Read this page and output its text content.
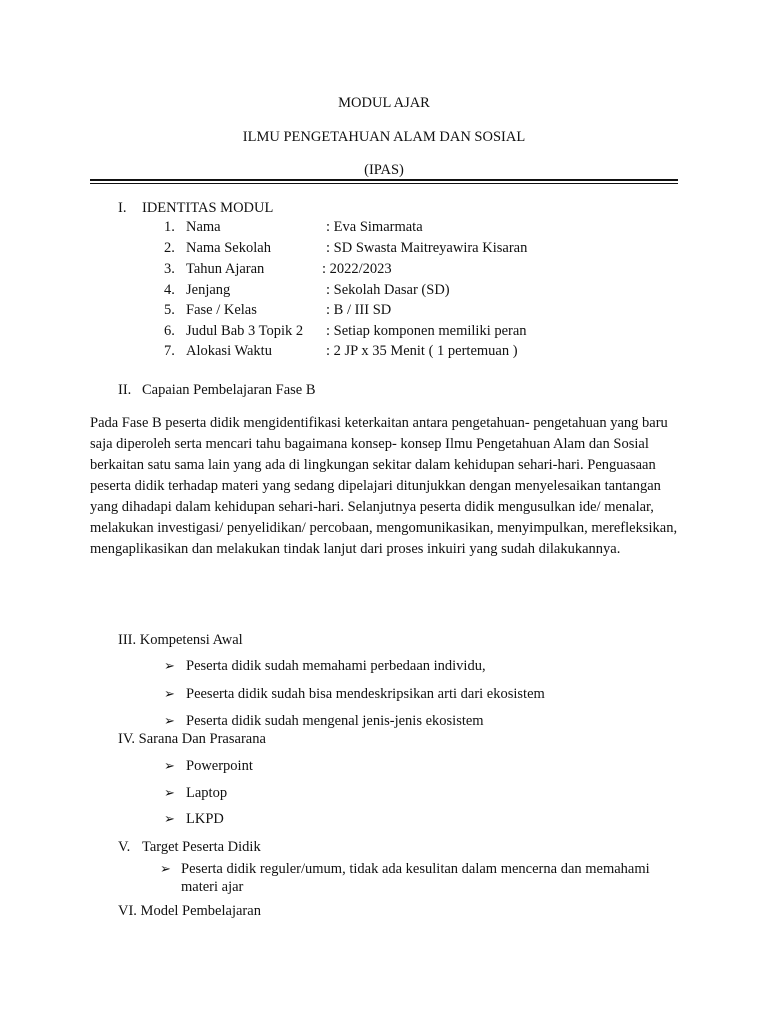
MODUL AJAR
ILMU PENGETAHUAN ALAM DAN SOSIAL
(IPAS)
I. IDENTITAS MODUL
1. Nama	: Eva Simarmata
2. Nama Sekolah	: SD Swasta Maitreyawira Kisaran
3. Tahun Ajaran	: 2022/2023
4. Jenjang	: Sekolah Dasar (SD)
5. Fase / Kelas	: B / III SD
6. Judul Bab 3 Topik 2 : Setiap komponen memiliki peran
7. Alokasi Waktu	: 2 JP x 35 Menit ( 1 pertemuan )
II. Capaian Pembelajaran Fase B
Pada Fase B peserta didik mengidentifikasi keterkaitan antara pengetahuan- pengetahuan yang baru saja diperoleh serta mencari tahu bagaimana konsep- konsep Ilmu Pengetahuan Alam dan Sosial berkaitan satu sama lain yang ada di lingkungan sekitar dalam kehidupan sehari-hari. Penguasaan peserta didik terhadap materi yang sedang dipelajari ditunjukkan dengan menyelesaikan tantangan yang dihadapi dalam kehidupan sehari-hari. Selanjutnya peserta didik mengusulkan ide/ menalar, melakukan investigasi/ penyelidikan/ percobaan, mengomunikasikan, menyimpulkan, merefleksikan, mengaplikasikan dan melakukan tindak lanjut dari proses inkuiri yang sudah dilakukannya.
III. Kompetensi Awal
➢ Peserta didik sudah memahami perbedaan individu,
➢ Peeserta didik sudah bisa mendeskripsikan arti dari ekosistem
➢ Peserta didik sudah mengenal jenis-jenis ekosistem
IV. Sarana Dan Prasarana
➢ Powerpoint
➢ Laptop
➢ LKPD
V. Target Peserta Didik
➢ Peserta didik reguler/umum, tidak ada kesulitan dalam mencerna dan memahami
materi ajar
VI. Model Pembelajaran
